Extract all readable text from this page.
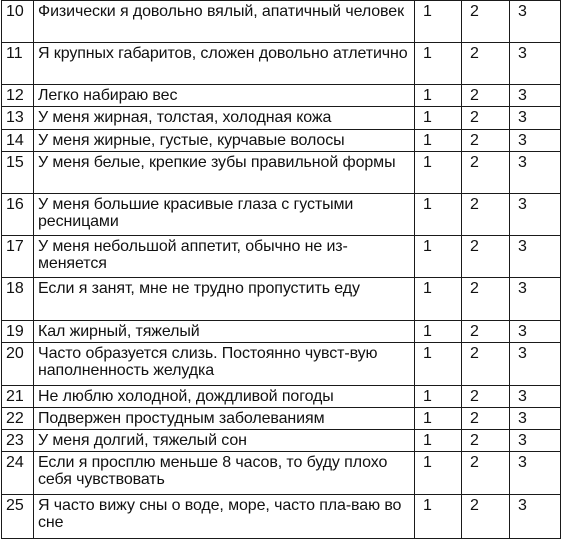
10	Физически я довольно вялый, апатичный человек	1	2	3
11	Я крупных габаритов, сложен довольно атлетично	1	2	3
12	Легко набираю вес	1	2	3
13	У меня жирная, толстая, холодная кожа	1	2	3
14	У меня жирные, густые, курчавые волосы	1	2	3
15	У меня белые, крепкие зубы правильной формы	1	2	3
16	У меня большие красивые глаза с густыми ресницами	1	2	3
17	У меня небольшой аппетит, обычно не из-меняется	1	2	3
18	Если я занят, мне не трудно пропустить еду	1	2	3
19	Кал жирный, тяжелый	1	2	3
20	Часто образуется слизь. Постоянно чувст-вую наполненность желудка	1	2	3
21	Не люблю холодной, дождливой погоды	1	2	3
22	Подвержен простудным заболеваниям	1	2	3
23	У меня долгий, тяжелый сон	1	2	3
24	Если я просплю меньше 8 часов, то буду плохо себя чувствовать	1	2	3
25	Я часто вижу сны о воде, море, часто пла-ваю во сне	1	2	3
